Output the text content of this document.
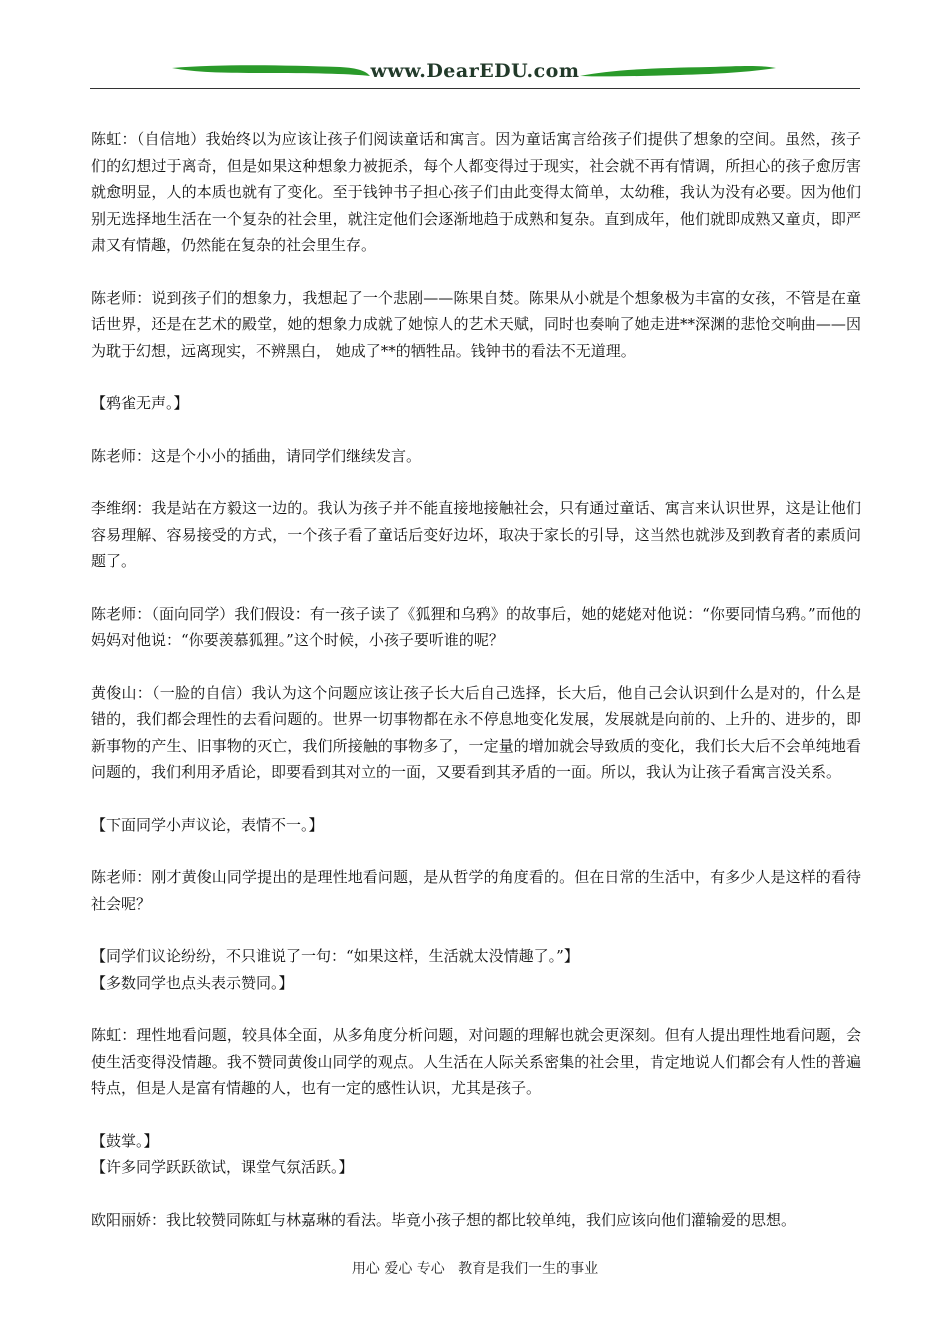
www.DearEDU.com

陈虹：（自信地）我始终以为应该让孩子们阅读童话和寓言。因为童话寓言给孩子们提供了想象的空间。虽然，孩子们的幻想过于离奇，但是如果这种想象力被扼杀，每个人都变得过于现实，社会就不再有情调，所担心的孩子愈厉害就愈明显，人的本质也就有了变化。至于钱钟书子担心孩子们由此变得太简单，太幼稚，我认为没有必要。因为他们别无选择地生活在一个复杂的社会里，就注定他们会逐渐地趋于成熟和复杂。直到成年，他们就即成熟又童贞，即严肃又有情趣，仍然能在复杂的社会里生存。

陈老师：说到孩子们的想象力，我想起了一个悲剧——陈果自焚。陈果从小就是个想象极为丰富的女孩，不管是在童话世界，还是在艺术的殿堂，她的想象力成就了她惊人的艺术天赋，同时也奏响了她走进**深渊的悲怆交响曲——因为耽于幻想，远离现实，不辨黑白， 她成了**的牺牲品。钱钟书的看法不无道理。

【鸦雀无声。】

陈老师：这是个小小的插曲，请同学们继续发言。

李维纲：我是站在方毅这一边的。我认为孩子并不能直接地接触社会，只有通过童话、寓言来认识世界，这是让他们容易理解、容易接受的方式，一个孩子看了童话后变好边坏，取决于家长的引导，这当然也就涉及到教育者的素质问题了。

陈老师：（面向同学）我们假设：有一孩子读了《狐狸和乌鸦》的故事后，她的姥姥对他说：“你要同情乌鸦。”而他的妈妈对他说：“你要羡慕狐狸。”这个时候，小孩子要听谁的呢？

黄俊山：（一脸的自信）我认为这个问题应该让孩子长大后自己选择，长大后，他自己会认识到什么是对的，什么是错的，我们都会理性的去看问题的。世界一切事物都在永不停息地变化发展，发展就是向前的、上升的、进步的，即新事物的产生、旧事物的灭亡，我们所接触的事物多了，一定量的增加就会导致质的变化，我们长大后不会单纯地看问题的，我们利用矛盾论，即要看到其对立的一面，又要看到其矛盾的一面。所以，我认为让孩子看寓言没关系。

【下面同学小声议论，表情不一。】

陈老师：刚才黄俊山同学提出的是理性地看问题，是从哲学的角度看的。但在日常的生活中，有多少人是这样的看待社会呢？

【同学们议论纷纷，不只谁说了一句：“如果这样，生活就太没情趣了。”】

【多数同学也点头表示赞同。】

陈虹：理性地看问题，较具体全面，从多角度分析问题，对问题的理解也就会更深刻。但有人提出理性地看问题，会使生活变得没情趣。我不赞同黄俊山同学的观点。人生活在人际关系密集的社会里，肯定地说人们都会有人性的普遍特点，但是人是富有情趣的人，也有一定的感性认识，尤其是孩子。

【鼓掌。】

【许多同学跃跃欲试，课堂气氛活跃。】

欧阳丽娇：我比较赞同陈虹与林嘉琳的看法。毕竟小孩子想的都比较单纯，我们应该向他们灌输爱的思想。

用心 爱心 专心   教育是我们一生的事业
